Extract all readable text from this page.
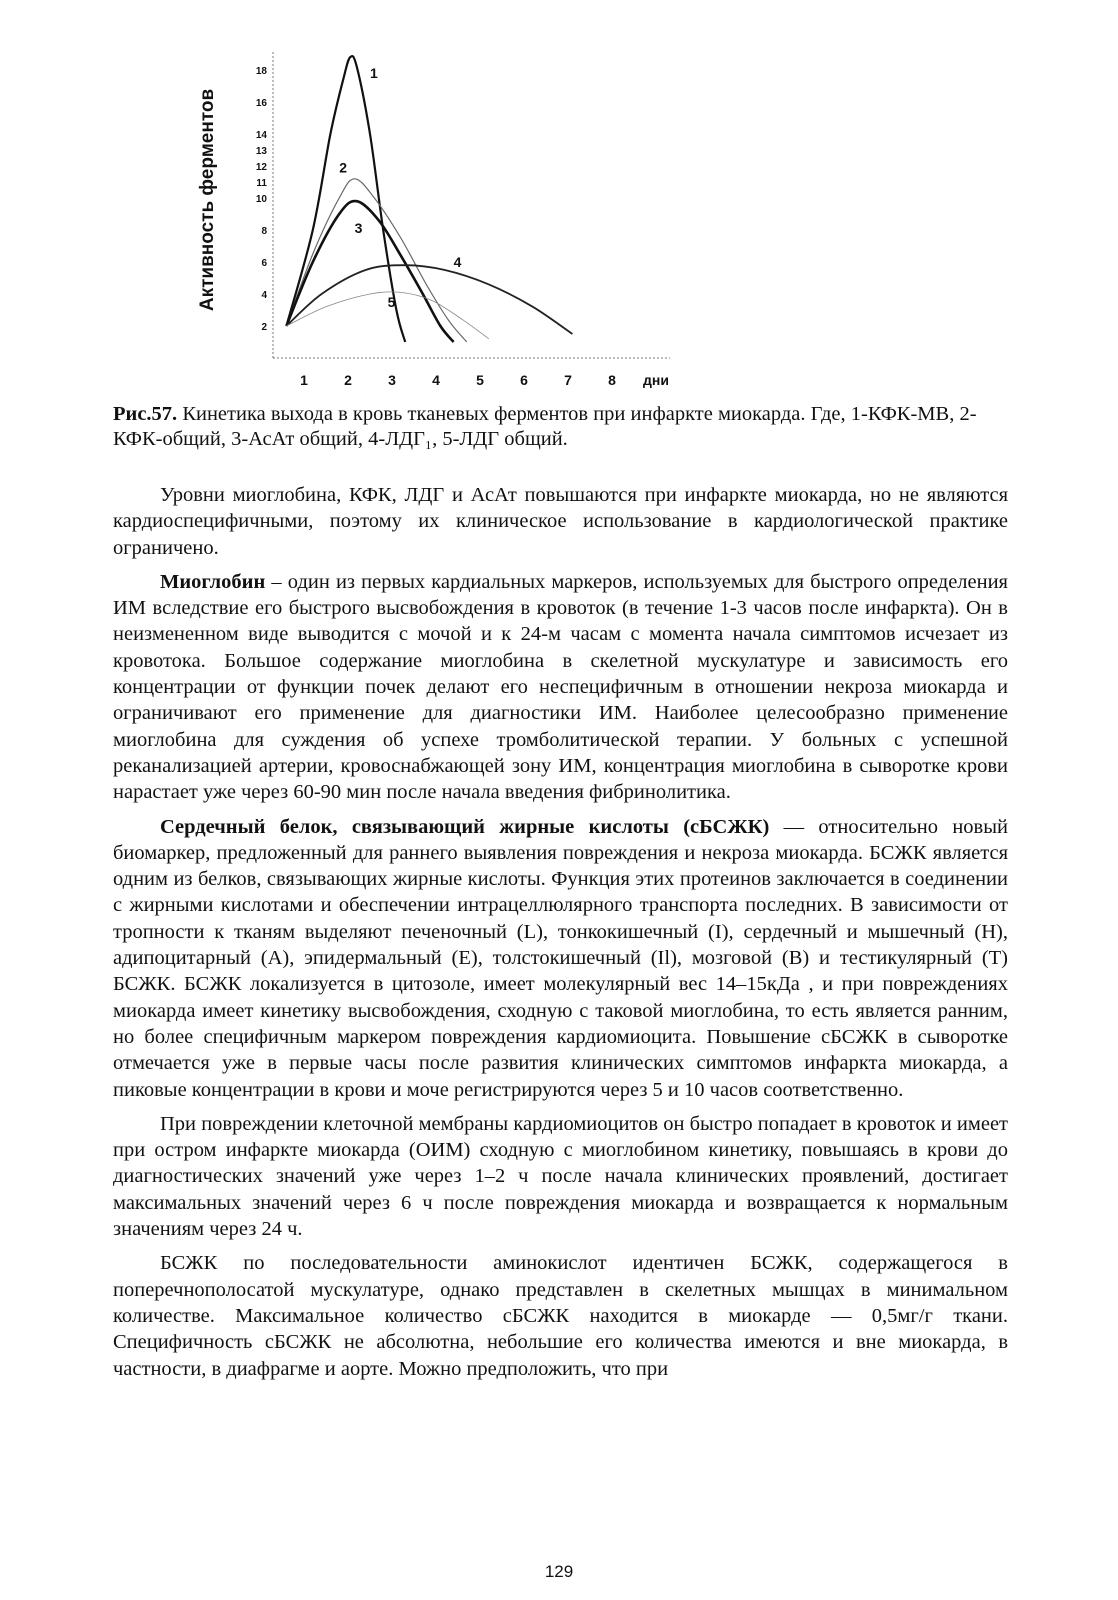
Активность ферментов
2
4
6
8
10
11
12
13
14
16
18
1	2	3	4	5	6	7	8 дни
1
2
3
4
5
Рис.57. Кинетика выхода в кровь тканевых ферментов при инфаркте миокарда. Где, 1-КФК-МВ, 2-КФК-общий, 3-АсАт общий, 4-ЛДГ₁, 5-ЛДГ общий.

Уровни миоглобина, КФК, ЛДГ и АсАт повышаются при инфаркте миокарда, но не являются кардиоспецифичными, поэтому их клиническое использование в кардиологической практике ограничено.

Миоглобин – один из первых кардиальных маркеров, используемых для быстрого определения ИМ вследствие его быстрого высвобождения в кровоток (в течение 1-3 часов после инфаркта). Он в неизмененном виде выводится с мочой и к 24-м часам с момента начала симптомов исчезает из кровотока. Большое содержание миоглобина в скелетной мускулатуре и зависимость его концентрации от функции почек делают его неспецифичным в отношении некроза миокарда и ограничивают его применение для диагностики ИМ. Наиболее целесообразно применение миоглобина для суждения об успехе тромболитической терапии. У больных с успешной реканализацией артерии, кровоснабжающей зону ИМ, концентрация миоглобина в сыворотке крови нарастает уже через 60-90 мин после начала введения фибринолитика.

Сердечный белок, связывающий жирные кислоты (сБСЖК) — относительно новый биомаркер, предложенный для раннего выявления повреждения и некроза миокарда. БСЖК является одним из белков, связывающих жирные кислоты. Функция этих протеинов заключается в соединении с жирными кислотами и обеспечении интрацеллюлярного транспорта последних. В зависимости от тропности к тканям выделяют печеночный (L), тонкокишечный (I), сердечный и мышечный (H), адипоцитарный (A), эпидермальный (E), толстокишечный (Il), мозговой (B) и тестикулярный (T) БСЖК. БСЖК локализуется в цитозоле, имеет молекулярный вес 14–15кДа , и при повреждениях миокарда имеет кинетику высвобождения, сходную с таковой миоглобина, то есть является ранним, но более специфичным маркером повреждения кардиомиоцита. Повышение сБСЖК в сыворотке отмечается уже в первые часы после развития клинических симптомов инфаркта миокарда, а пиковые концентрации в крови и моче регистрируются через 5 и 10 часов соответственно.

При повреждении клеточной мембраны кардиомиоцитов он быстро попадает в кровоток и имеет при остром инфаркте миокарда (ОИМ) сходную с миоглобином кинетику, повышаясь в крови до диагностических значений уже через 1–2 ч после начала клинических проявлений, достигает максимальных значений через 6 ч после повреждения миокарда и возвращается к нормальным значениям через 24 ч.

БСЖК по последовательности аминокислот идентичен БСЖК, содержащегося в поперечнополосатой мускулатуре, однако представлен в скелетных мышцах в минимальном количестве. Максимальное количество сБСЖК находится в миокарде — 0,5мг/г ткани. Специфичность сБСЖК не абсолютна, небольшие его количества имеются и вне миокарда, в частности, в диафрагме и аорте. Можно предположить, что при

129
